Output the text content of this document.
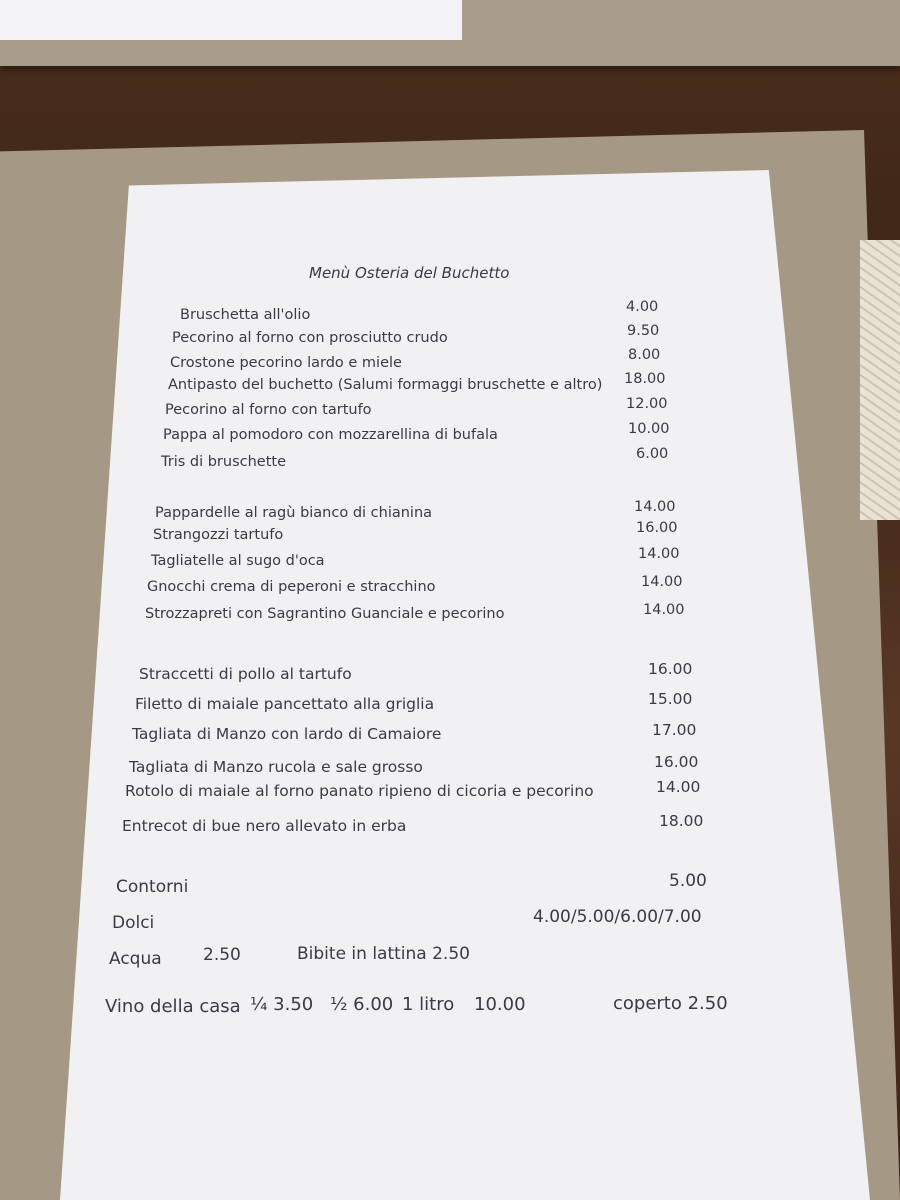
Menù Osteria del Buchetto
Bruschetta all'olio	4.00
Pecorino al forno con prosciutto crudo	9.50
Crostone pecorino lardo e miele	8.00
Antipasto del buchetto (Salumi formaggi bruschette e altro) 18.00
Pecorino al forno con tartufo	12.00
Pappa al pomodoro con mozzarellina di bufala	10.00
Tris di bruschette	6.00
Pappardelle al ragù bianco di chianina	14.00
Strangozzi tartufo	16.00
Tagliatelle al sugo d'oca	14.00
Gnocchi crema di peperoni e stracchino	14.00
Strozzapreti con Sagrantino Guanciale e pecorino	14.00
Straccetti di pollo al tartufo	16.00
Filetto di maiale pancettato alla griglia	15.00
Tagliata di Manzo con lardo di Camaiore	17.00
Tagliata di Manzo rucola e sale grosso	16.00
Rotolo di maiale al forno panato ripieno di cicoria e pecorino	14.00
Entrecot di bue nero allevato in erba	18.00
Contorni	5.00
Dolci	4.00/5.00/6.00/7.00
Acqua 2.50	Bibite in lattina 2.50
Vino della casa ¼ 3.50 ½ 6.00 1 litro 10.00	coperto 2.50
